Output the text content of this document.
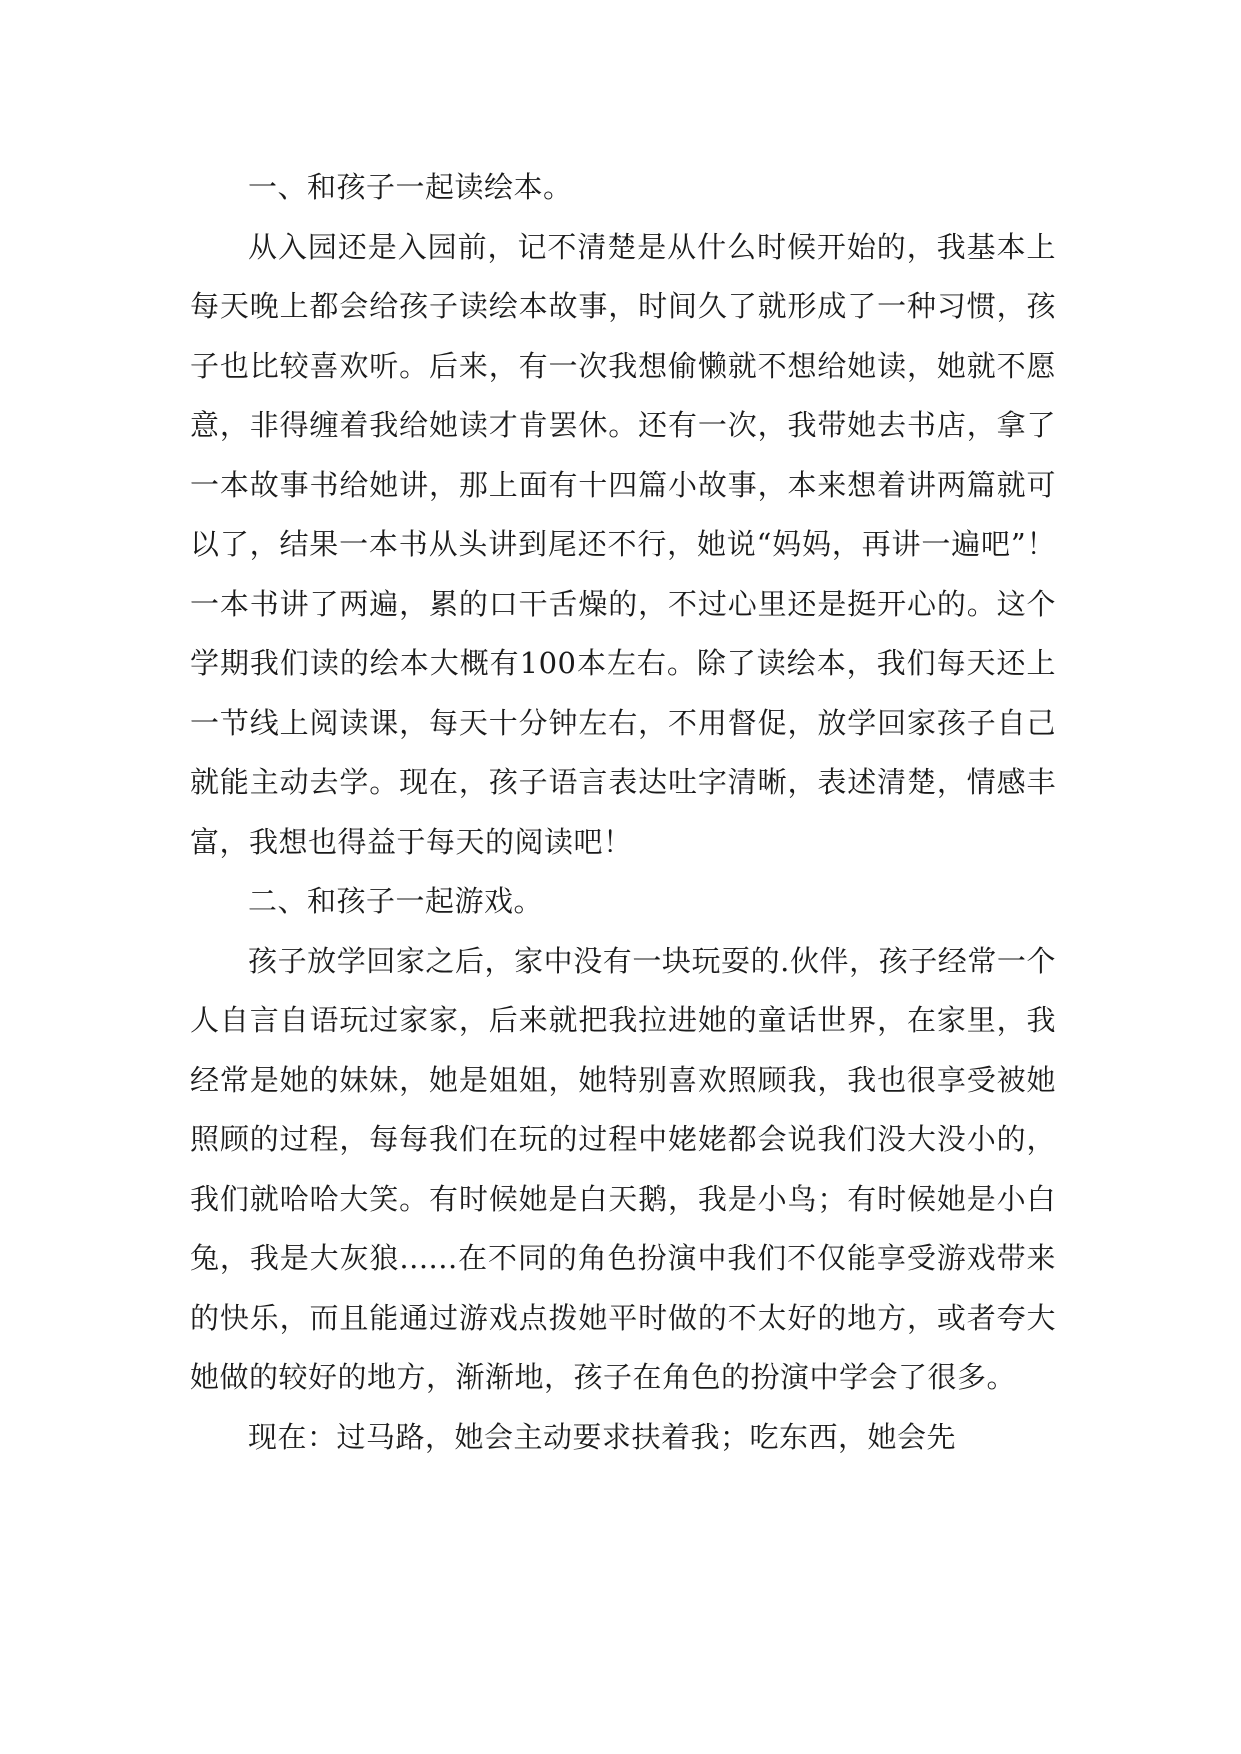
一、和孩子一起读绘本。

从入园还是入园前，记不清楚是从什么时候开始的，我基本上每天晚上都会给孩子读绘本故事，时间久了就形成了一种习惯，孩子也比较喜欢听。后来，有一次我想偷懒就不想给她读，她就不愿意，非得缠着我给她读才肯罢休。还有一次，我带她去书店，拿了一本故事书给她讲，那上面有十四篇小故事，本来想着讲两篇就可以了，结果一本书从头讲到尾还不行，她说“妈妈，再讲一遍吧”！一本书讲了两遍，累的口干舌燥的，不过心里还是挺开心的。这个学期我们读的绘本大概有100本左右。除了读绘本，我们每天还上一节线上阅读课，每天十分钟左右，不用督促，放学回家孩子自己就能主动去学。现在，孩子语言表达吐字清晰，表述清楚，情感丰富，我想也得益于每天的阅读吧！

二、和孩子一起游戏。

孩子放学回家之后，家中没有一块玩耍的.伙伴，孩子经常一个人自言自语玩过家家，后来就把我拉进她的童话世界，在家里，我经常是她的妹妹，她是姐姐，她特别喜欢照顾我，我也很享受被她照顾的过程，每每我们在玩的过程中姥姥都会说我们没大没小的，我们就哈哈大笑。有时候她是白天鹅，我是小鸟；有时候她是小白兔，我是大灰狼......在不同的角色扮演中我们不仅能享受游戏带来的快乐，而且能通过游戏点拨她平时做的不太好的地方，或者夸大她做的较好的地方，渐渐地，孩子在角色的扮演中学会了很多。

现在：过马路，她会主动要求扶着我；吃东西，她会先
